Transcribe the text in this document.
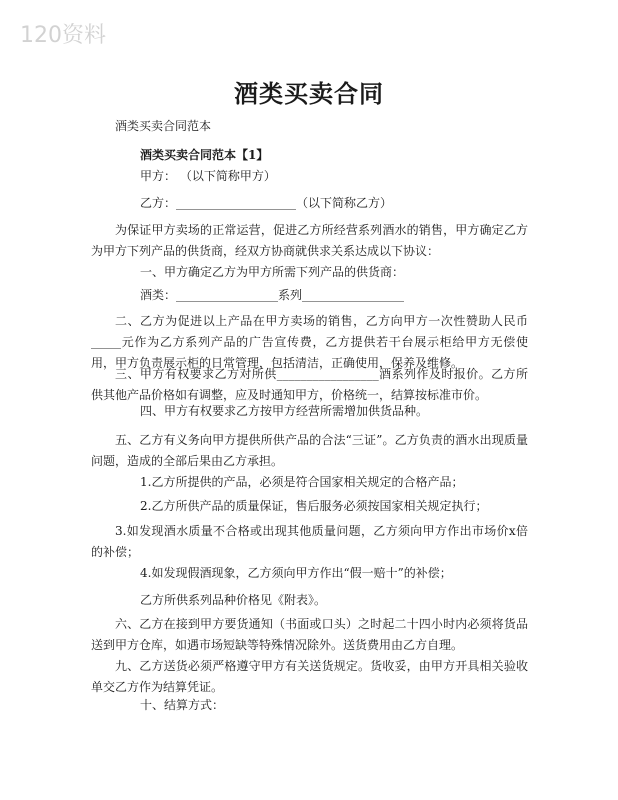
120资料
酒类买卖合同
酒类买卖合同范本
酒类买卖合同范本【1】
甲方： （以下简称甲方）
乙方：____________________（以下简称乙方）
为保证甲方卖场的正常运营，促进乙方所经营系列酒水的销售，甲方确定乙方为甲方下列产品的供货商，经双方协商就供求关系达成以下协议：
一、甲方确定乙方为甲方所需下列产品的供货商：
酒类：_________________系列_________________
二、乙方为促进以上产品在甲方卖场的销售，乙方向甲方一次性赞助人民币_____元作为乙方系列产品的广告宣传费，乙方提供若干台展示柜给甲方无偿使用，甲方负责展示柜的日常管理，包括清洁，正确使用，保养及维修。
三、甲方有权要求乙方对所供_________________酒系列作及时报价。乙方所供其他产品价格如有调整，应及时通知甲方，价格统一，结算按标准市价。
四、甲方有权要求乙方按甲方经营所需增加供货品种。
五、乙方有义务向甲方提供所供产品的合法“三证”。乙方负责的酒水出现质量问题，造成的全部后果由乙方承担。
1.乙方所提供的产品，必须是符合国家相关规定的合格产品；
2.乙方所供产品的质量保证，售后服务必须按国家相关规定执行；
3.如发现酒水质量不合格或出现其他质量问题，乙方须向甲方作出市场价x倍的补偿；
4.如发现假酒现象，乙方须向甲方作出“假一赔十”的补偿；
乙方所供系列品种价格见《附表》。
六、乙方在接到甲方要货通知（书面或口头）之时起二十四小时内必须将货品送到甲方仓库，如遇市场短缺等特殊情况除外。送货费用由乙方自理。
九、乙方送货必须严格遵守甲方有关送货规定。货收妥，由甲方开具相关验收单交乙方作为结算凭证。
十、结算方式：
